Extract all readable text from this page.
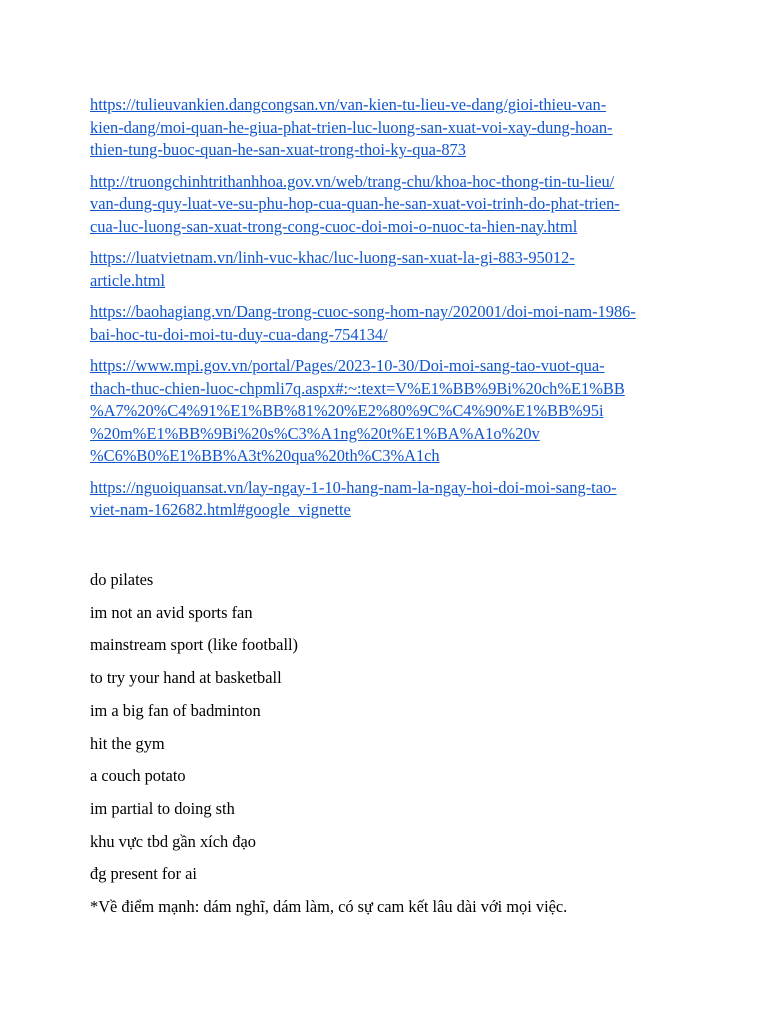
https://tulieuvankien.dangcongsan.vn/van-kien-tu-lieu-ve-dang/gioi-thieu-van-
kien-dang/moi-quan-he-giua-phat-trien-luc-luong-san-xuat-voi-xay-dung-hoan-
thien-tung-buoc-quan-he-san-xuat-trong-thoi-ky-qua-873

http://truongchinhtrithanhhoa.gov.vn/web/trang-chu/khoa-hoc-thong-tin-tu-lieu/
van-dung-quy-luat-ve-su-phu-hop-cua-quan-he-san-xuat-voi-trinh-do-phat-trien-
cua-luc-luong-san-xuat-trong-cong-cuoc-doi-moi-o-nuoc-ta-hien-nay.html

https://luatvietnam.vn/linh-vuc-khac/luc-luong-san-xuat-la-gi-883-95012-
article.html

https://baohagiang.vn/Dang-trong-cuoc-song-hom-nay/202001/doi-moi-nam-1986-
bai-hoc-tu-doi-moi-tu-duy-cua-dang-754134/

https://www.mpi.gov.vn/portal/Pages/2023-10-30/Doi-moi-sang-tao-vuot-qua-
thach-thuc-chien-luoc-chpmli7q.aspx#:~:text=V%E1%BB%9Bi%20ch%E1%BB
%A7%20%C4%91%E1%BB%81%20%E2%80%9C%C4%90%E1%BB%95i
%20m%E1%BB%9Bi%20s%C3%A1ng%20t%E1%BA%A1o%20v
%C6%B0%E1%BB%A3t%20qua%20th%C3%A1ch

https://nguoiquansat.vn/lay-ngay-1-10-hang-nam-la-ngay-hoi-doi-moi-sang-tao-
viet-nam-162682.html#google_vignette

do pilates

im not an avid sports fan

mainstream sport (like football)

to try your hand at basketball

im a big fan of badminton

hit the gym

a couch potato

im partial to doing sth

khu vực tbd gần xích đạo

đg present for ai

*Về điểm mạnh: dám nghĩ, dám làm, có sự cam kết lâu dài với mọi việc.
